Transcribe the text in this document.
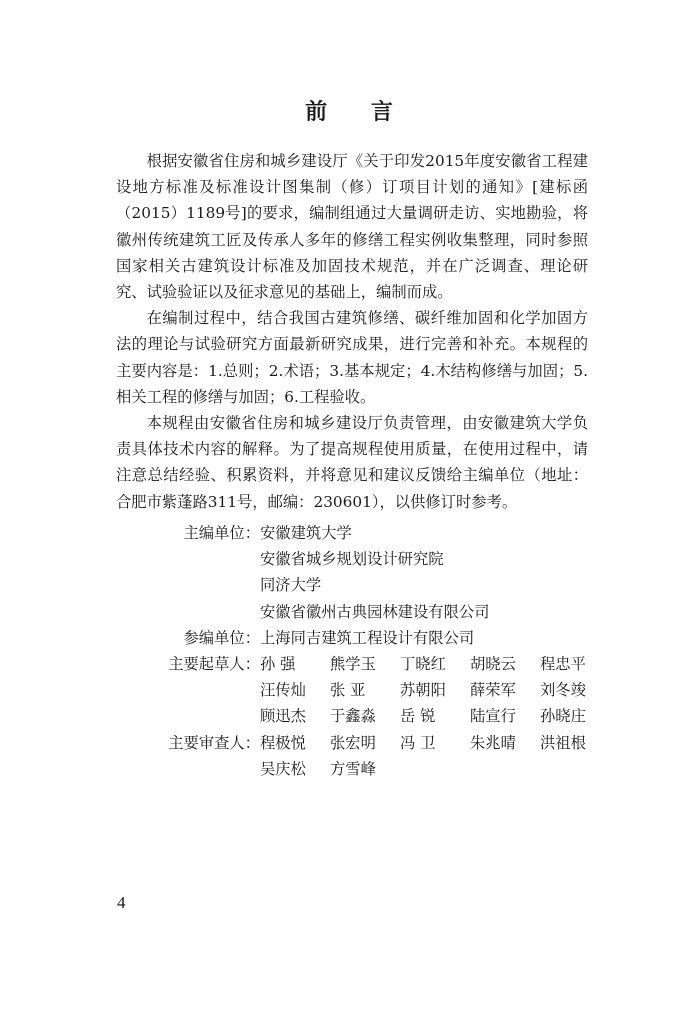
前 言

根据安徽省住房和城乡建设厅《关于印发2015年度安徽省工程建设地方标准及标准设计图集制（修）订项目计划的通知》[建标函（2015）1189号]的要求，编制组通过大量调研走访、实地勘验，将徽州传统建筑工匠及传承人多年的修缮工程实例收集整理，同时参照国家相关古建筑设计标准及加固技术规范，并在广泛调查、理论研究、试验验证以及征求意见的基础上，编制而成。

在编制过程中，结合我国古建筑修缮、碳纤维加固和化学加固方法的理论与试验研究方面最新研究成果，进行完善和补充。本规程的主要内容是：1.总则；2.术语；3.基本规定；4.木结构修缮与加固；5.相关工程的修缮与加固；6.工程验收。

本规程由安徽省住房和城乡建设厅负责管理，由安徽建筑大学负责具体技术内容的解释。为了提高规程使用质量，在使用过程中，请注意总结经验、积累资料，并将意见和建议反馈给主编单位（地址：合肥市紫蓬路311号，邮编：230601），以供修订时参考。

主编单位： 安徽建筑大学
安徽省城乡规划设计研究院
同济大学
安徽省徽州古典园林建设有限公司
参编单位： 上海同吉建筑工程设计有限公司
主要起草人： 孙 强	熊学玉	丁晓红	胡晓云	程忠平
汪传灿	张 亚	苏朝阳	薛荣军	刘冬竣
顾迅杰	于鑫淼	岳 锐	陆宣行	孙晓庄
主要审查人： 程极悦	张宏明	冯 卫	朱兆晴	洪祖根
吴庆松	方雪峰
4
